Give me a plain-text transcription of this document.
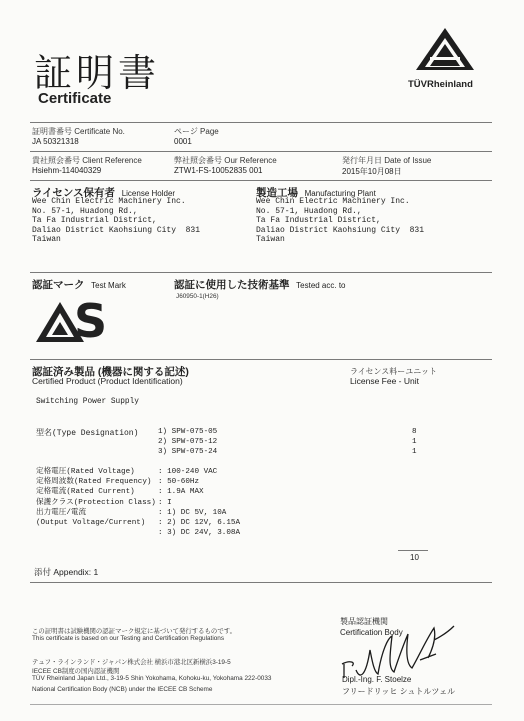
証明書
Certificate
TÜVRheinland
証明書番号 Certificate No.
JA 50321318
ページ Page
0001
貴社照会番号 Client Reference
Hsiehm-114040329
弊社照会番号 Our Reference
ZTW1-FS-10052835 001
発行年月日 Date of Issue
2015年10月08日
ライセンス保有者 License Holder
Wee Chin Electric Machinery Inc.
No. 57-1, Huadong Rd.,
Ta Fa Industrial District,
Daliao District Kaohsiung City  831
Taiwan
製造工場 Manufacturing Plant
Wee Chin Electric Machinery Inc.
No. 57-1, Huadong Rd.,
Ta Fa Industrial District,
Daliao District Kaohsiung City  831
Taiwan
認証マーク Test Mark	認証に使用した技術基準 Tested acc. to
J60950-1(H26)
S
認証済み製品 (機器に関する記述)
Certified Product (Product Identification)
ライセンス料ーユニット
License Fee - Unit
Switching Power Supply
型名(Type Designation)	1) SPW-075-05
2) SPW-075-12
3) SPW-075-24
8
1
1
定格電圧(Rated Voltage)
定格周波数(Rated Frequency)
定格電流(Rated Current)
保護クラス(Protection Class)
出力電圧/電流
(Output Voltage/Current)
: 100-240 VAC
: 50-60Hz
: 1.9A MAX
: I
: 1) DC 5V, 10A
: 2) DC 12V, 6.15A
: 3) DC 24V, 3.08A
10
添付 Appendix: 1
この証明書は試験機関の認証マーク規定に基づいて発行するものです。
This certificate is based on our Testing and Certification Regulations
テュフ・ラインランド・ジャパン株式会社 横浜市港北区新横浜3-19-5
IECEE CB制度の国内認証機関
TÜV Rheinland Japan Ltd., 3-19-5 Shin Yokohama, Kohoku-ku, Yokohama 222-0033
National Certification Body (NCB) under the IECEE CB Scheme
製品認証機関
Certification Body
Dipl.-Ing. F. Stoelze
フリードリッヒ シュトルツェル
